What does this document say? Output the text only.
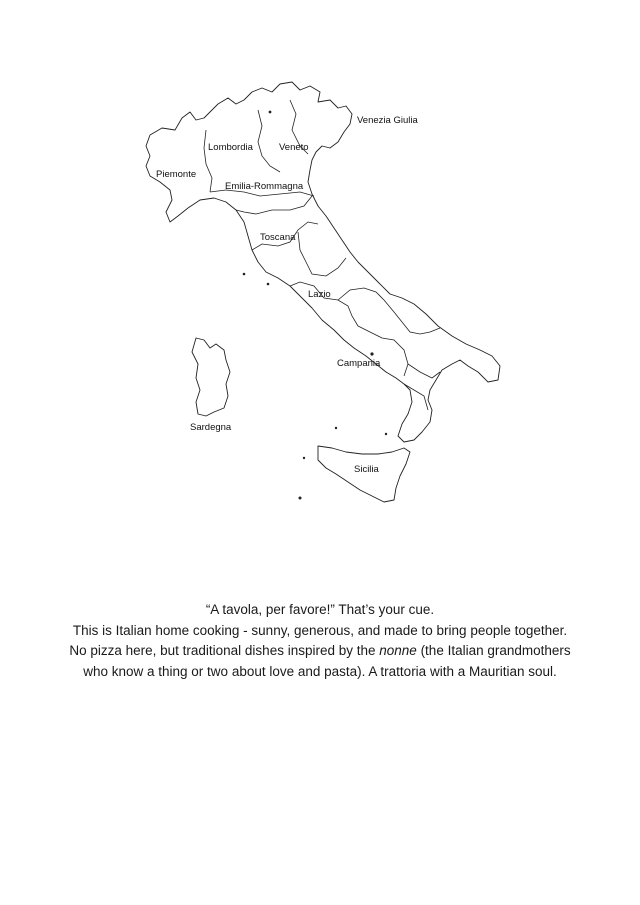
Venezia Giulia
Lombordia	Veneto
Piemonte
Emilia-Rommagna
Toscana
Lazio
Campania
Sardegna
Sicilia

“A tavola, per favore!” That’s your cue.

This is Italian home cooking - sunny, generous, and made to bring people together.

No pizza here, but traditional dishes inspired by the nonne (the Italian grandmothers who know a thing or two about love and pasta). A trattoria with a Mauritian soul.
